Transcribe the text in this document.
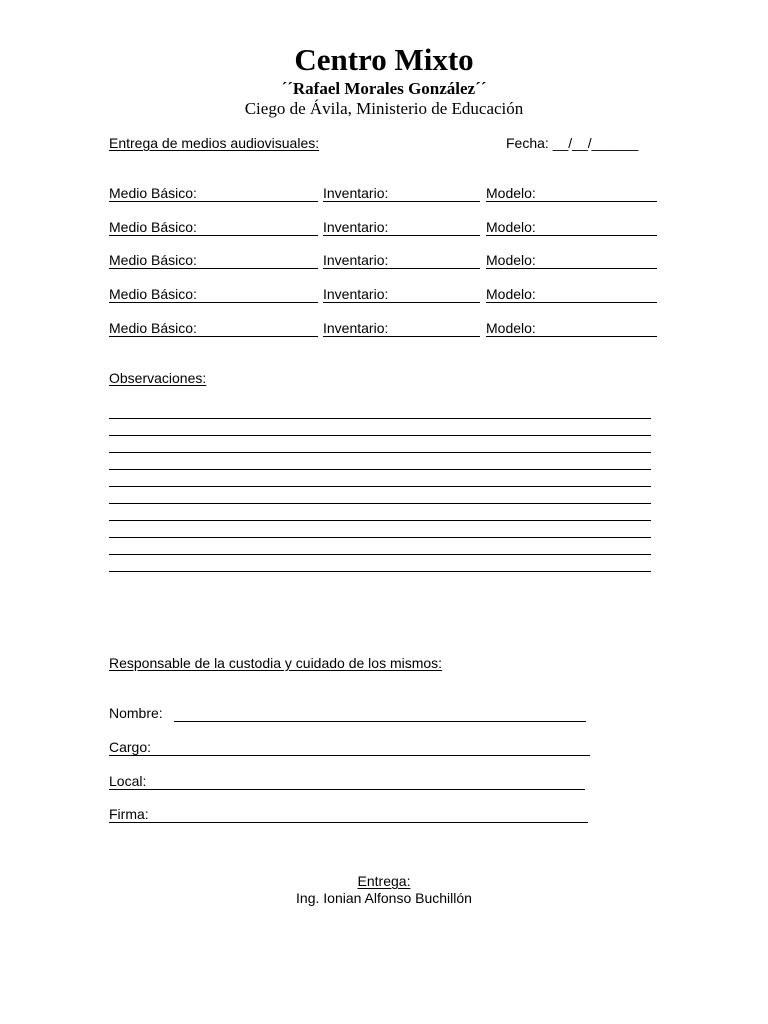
Centro Mixto
´´Rafael Morales González´´
Ciego de Ávila, Ministerio de Educación
Entrega de medios audiovisuales:	Fecha: __/__/______
Medio Básico:	Inventario:	Modelo:
Medio Básico:	Inventario:	Modelo:
Medio Básico:	Inventario:	Modelo:
Medio Básico:	Inventario:	Modelo:
Medio Básico:	Inventario:	Modelo:
Observaciones:
Responsable de la custodia y cuidado de los mismos:
Nombre:
Cargo:
Local:
Firma:
Entrega:
Ing. Ionian Alfonso Buchillón
